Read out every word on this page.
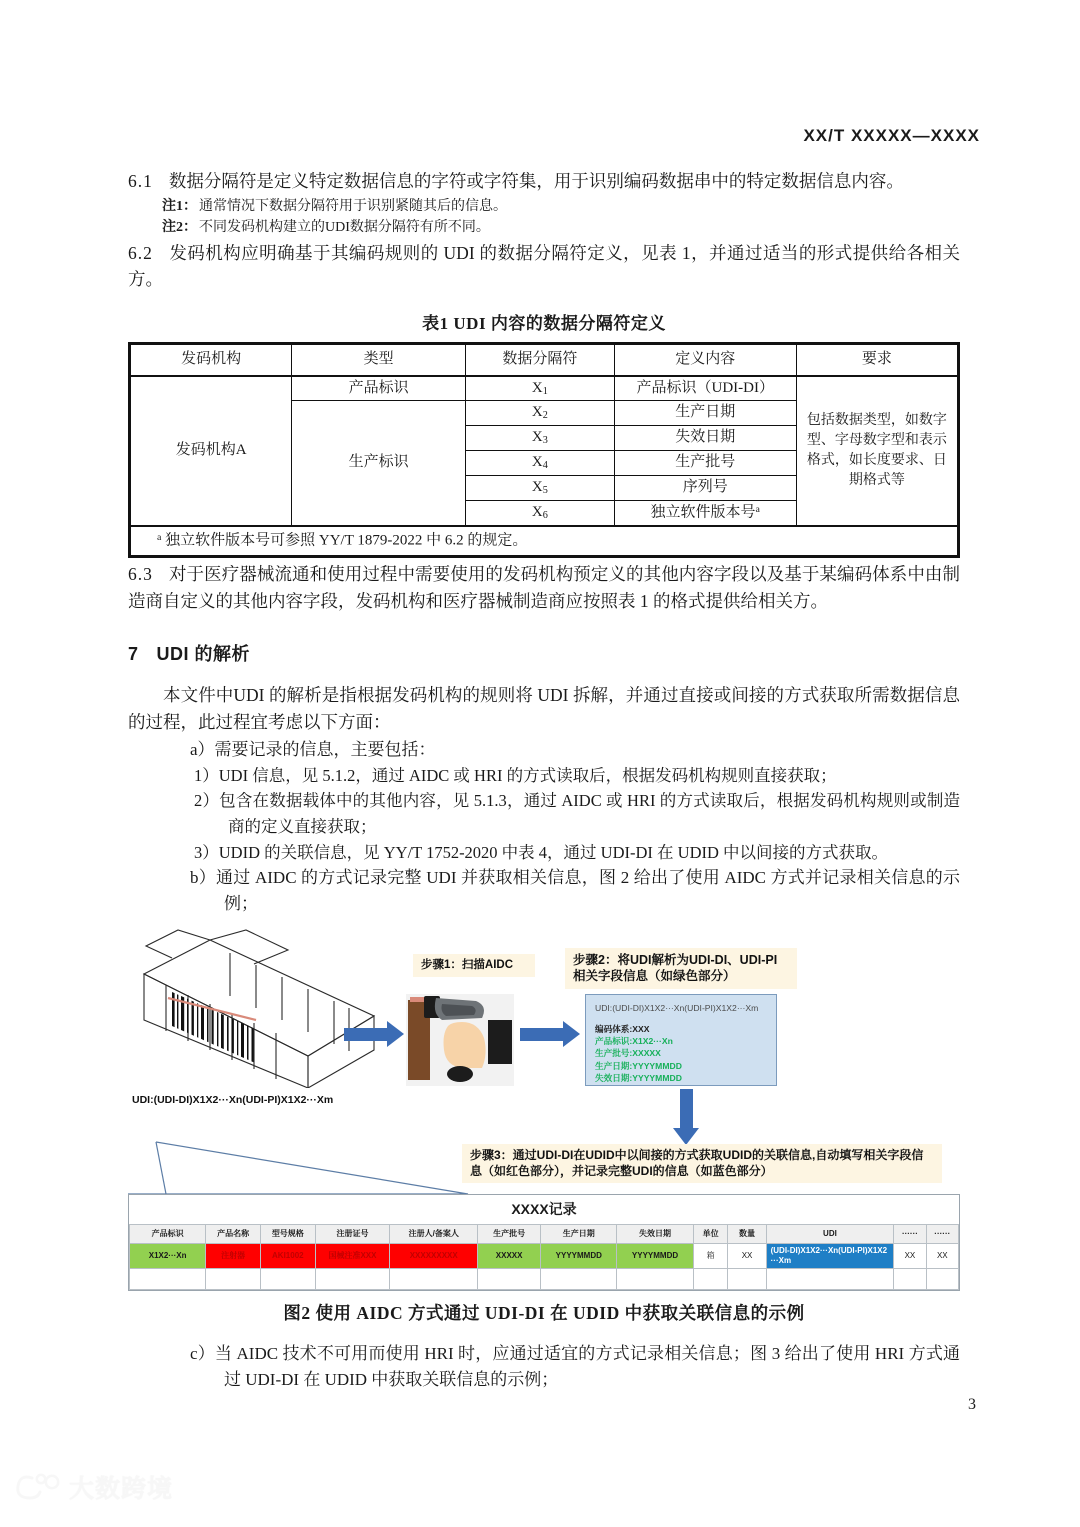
XX/T XXXXX—XXXX

6.1 数据分隔符是定义特定数据信息的字符或字符集，用于识别编码数据串中的特定数据信息内容。

注1： 通常情况下数据分隔符用于识别紧随其后的信息。

注2： 不同发码机构建立的UDI数据分隔符有所不同。

6.2 发码机构应明确基于其编码规则的 UDI 的数据分隔符定义，见表 1，并通过适当的形式提供给各相关方。

表1 UDI 内容的数据分隔符定义
发码机构	类型	数据分隔符	定义内容	要求
发码机构A	产品标识	$X_1$	产品标识（UDI-DI）	包括数据类型，如数字型、字母数字型和表示格式，如长度要求、日期格式等
	生产标识	$X_2$	生产日期	
		$X_3$	失效日期	
		$X_4$	生产批号	
		$X_5$	序列号	
		$X_6$	独立软件版本号$^a$
$^a$ 独立软件版本号可参照 YY/T 1879-2022 中 6.2 的规定。				

6.3 对于医疗器械流通和使用过程中需要使用的发码机构预定义的其他内容字段以及基于某编码体系中由制造商自定义的其他内容字段，发码机构和医疗器械制造商应按照表 1 的格式提供给相关方。

7 UDI 的解析

本文件中UDI 的解析是指根据发码机构的规则将 UDI 拆解，并通过直接或间接的方式获取所需数据信息的过程，此过程宜考虑以下方面：

a）需要记录的信息，主要包括：
1）UDI 信息，见 5.1.2，通过 AIDC 或 HRI 的方式读取后，根据发码机构规则直接获取；
2）包含在数据载体中的其他内容，见 5.1.3，通过 AIDC 或 HRI 的方式读取后，根据发码机构规则或制造商的定义直接获取；
3）UDID 的关联信息，见 YY/T 1752-2020 中表 4，通过 UDI-DI 在 UDID 中以间接的方式获取。
b）通过 AIDC 的方式记录完整 UDI 并获取相关信息，图 2 给出了使用 AIDC 方式并记录相关信息的示例；
UDI:(UDI-DI)X1X2···Xn(UDI-PI)X1X2···Xm
步骤1：扫描AIDC	步骤2：将UDI解析为UDI-DI、UDI-PI相关字段信息（如绿色部分）
UDI:(UDI-DI)X1X2···Xn(UDI-PI)X1X2···Xm
编码体系:XXX
产品标识:X1X2···Xn
生产批号:XXXXX
生产日期:YYYYMMDD
失效日期:YYYYMMDD
步骤3：通过UDI-DI在UDID中以间接的方式获取UDID的关联信息,自动填写相关字段信息（如红色部分），并记录完整UDI的信息（如蓝色部分）
XXXX记录												
产品标识	产品名称	型号规格	注册证号	注册人/备案人	生产批号	生产日期	失效日期	单位	数量	UDI	······	······
X1X2···Xn	注射器	AKI1002	国械注准XXX	XXXXXXXXX	XXXXX	YYYYMMDD	YYYYMMDD	箱	XX	(UDI-DI)X1X2···Xn(UDI-PI)X1X2···Xm	XX	XX

图2 使用 AIDC 方式通过 UDI-DI 在 UDID 中获取关联信息的示例
c）当 AIDC 技术不可用而使用 HRI 时，应通过适宜的方式记录相关信息；图 3 给出了使用 HRI 方式通过 UDI-DI 在 UDID 中获取关联信息的示例；
3
大数跨境
